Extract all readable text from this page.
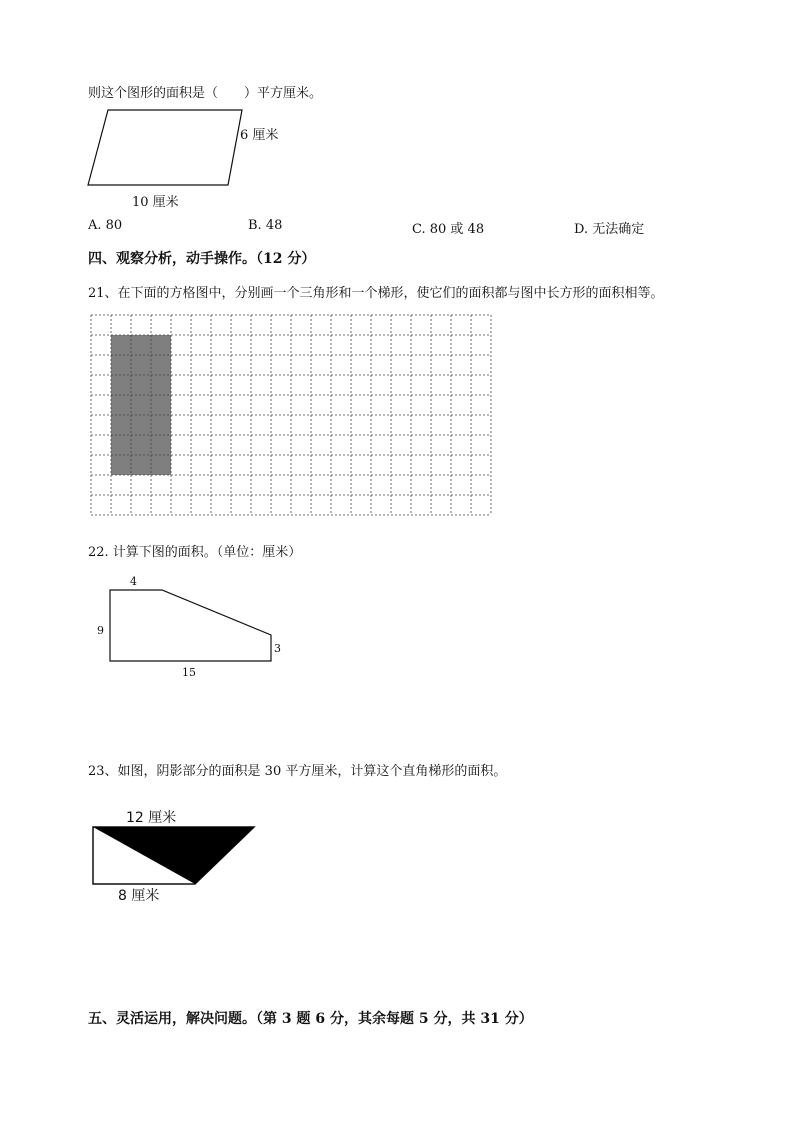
则这个图形的面积是（　　）平方厘米。
6 厘米
10 厘米
A. 80	B. 48	C. 80 或 48	D. 无法确定
四、观察分析，动手操作。（12 分）
21、在下面的方格图中，分别画一个三角形和一个梯形，使它们的面积都与图中长方形的面积相等。
22. 计算下图的面积。（单位：厘米）
4
9
3
15
23、如图，阴影部分的面积是 30 平方厘米，计算这个直角梯形的面积。
12 厘米
8 厘米
五、灵活运用，解决问题。（第 3 题 6 分，其余每题 5 分，共 31 分）
